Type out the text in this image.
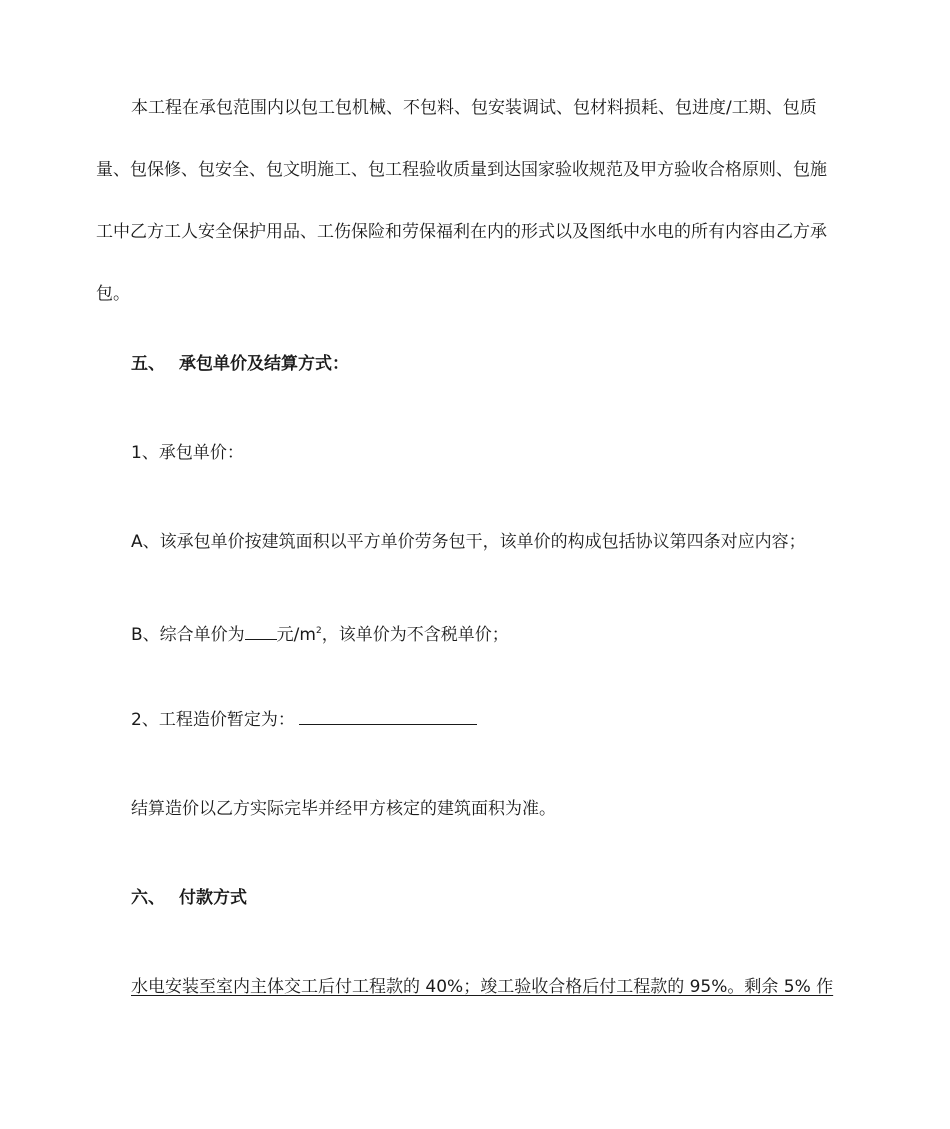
本工程在承包范围内以包工包机械、不包料、包安装调试、包材料损耗、包进度/工期、包质
量、包保修、包安全、包文明施工、包工程验收质量到达国家验收规范及甲方验收合格原则、包施
工中乙方工人安全保护用品、工伤保险和劳保福利在内的形式以及图纸中水电的所有内容由乙方承
包。
五、 承包单价及结算方式：
1、承包单价：
A、该承包单价按建筑面积以平方单价劳务包干，该单价的构成包括协议第四条对应内容；
B、综合单价为 元$/m^2$，该单价为不含税单价；
2、工程造价暂定为：
结算造价以乙方实际完毕并经甲方核定的建筑面积为准。
六、 付款方式
水电安装至室内主体交工后付工程款的 40%；竣工验收合格后付工程款的 95%。剩余 5% 作
